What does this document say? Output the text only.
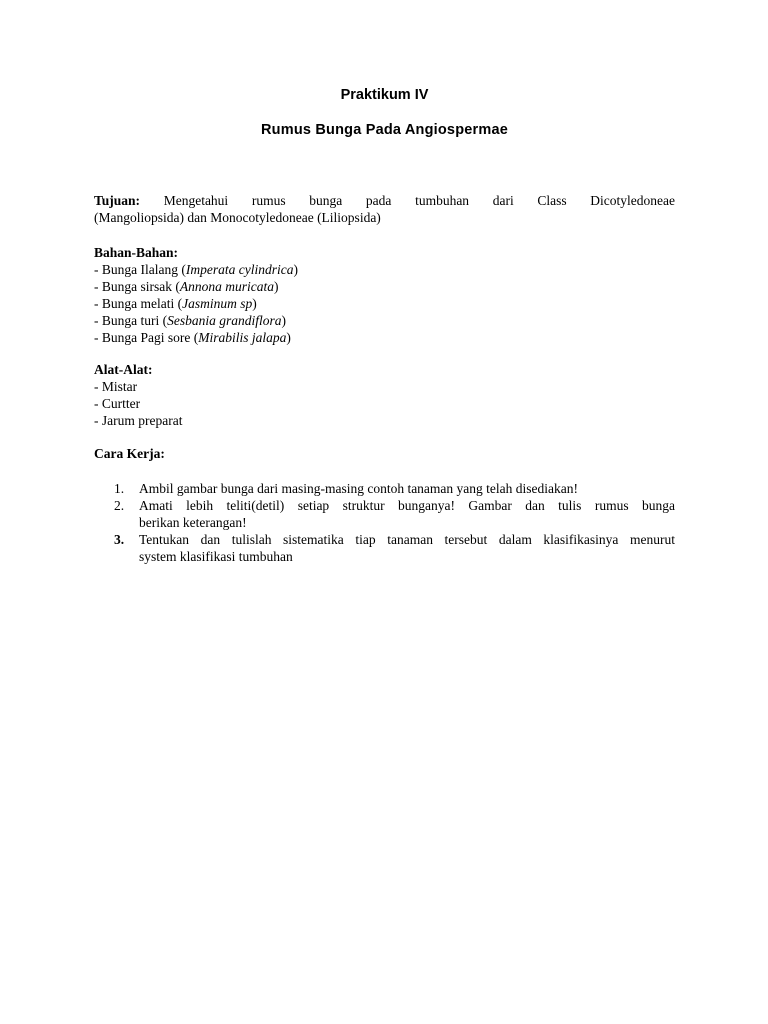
Praktikum IV
Rumus Bunga Pada Angiospermae
Tujuan: Mengetahui rumus bunga pada tumbuhan dari Class Dicotyledoneae
(Mangoliopsida) dan Monocotyledoneae (Liliopsida)
Bahan-Bahan:
- Bunga Ilalang (Imperata cylindrica)
- Bunga sirsak (Annona muricata)
- Bunga melati (Jasminum sp)
- Bunga turi (Sesbania grandiflora)
- Bunga Pagi sore (Mirabilis jalapa)
Alat-Alat:
- Mistar
- Curtter
- Jarum preparat
Cara Kerja:
1. Ambil gambar bunga dari masing-masing contoh tanaman yang telah disediakan!
2. Amati lebih teliti(detil) setiap struktur bunganya! Gambar dan tulis rumus bunga
berikan keterangan!
3. Tentukan dan tulislah sistematika tiap tanaman tersebut dalam klasifikasinya menurut
system klasifikasi tumbuhan
